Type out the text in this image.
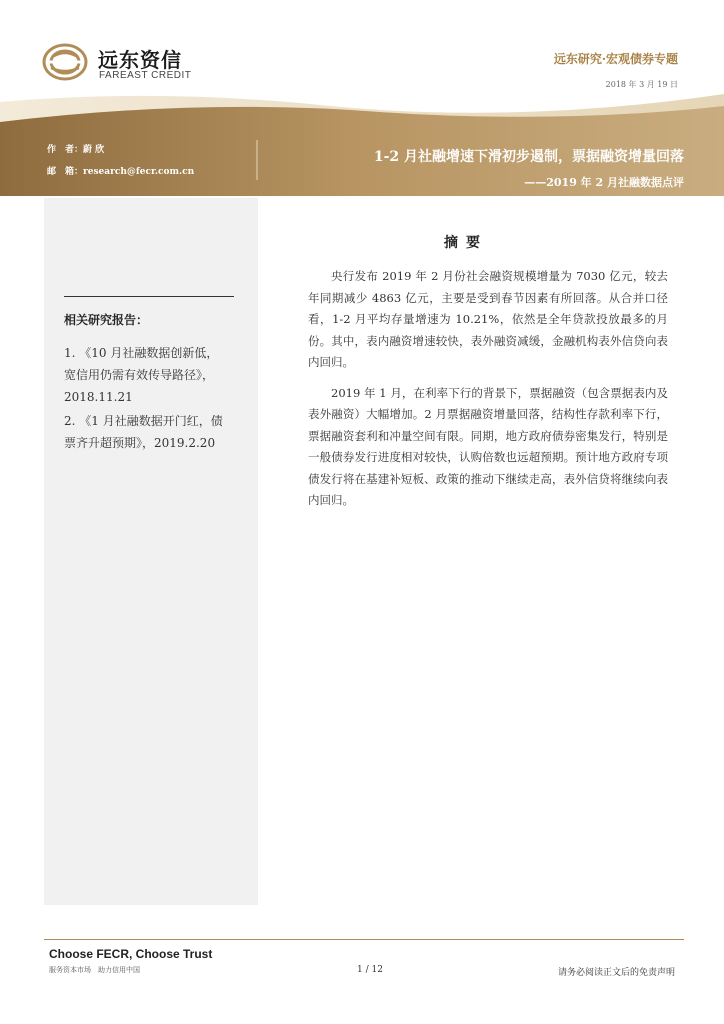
远东资信
FAREAST CREDIT
远东研究·宏观债券专题
2018 年 3 月 19 日
作　者：蔚 欣
邮　箱：research@fecr.com.cn
1-2 月社融增速下滑初步遏制，票据融资增量回落
——2019 年 2 月社融数据点评
相关研究报告：

1. 《10 月社融数据创新低，
宽信用仍需有效传导路径》，
2018.11.21

2. 《1 月社融数据开门红，债
票齐升超预期》，2019.2.20

摘要

央行发布 2019 年 2 月份社会融资规模增量为 7030 亿元，较去年同期减少 4863 亿元，主要是受到春节因素有所回落。从合并口径看，1-2 月平均存量增速为 10.21%，依然是全年贷款投放最多的月份。其中，表内融资增速较快，表外融资减缓，金融机构表外信贷向表内回归。

2019 年 1 月，在利率下行的背景下，票据融资（包含票据表内及表外融资）大幅增加。2 月票据融资增量回落，结构性存款利率下行，票据融资套利和冲量空间有限。同期，地方政府债券密集发行，特别是一般债券发行进度相对较快，认购倍数也远超预期。预计地方政府专项债发行将在基建补短板、政策的推动下继续走高，表外信贷将继续向表内回归。

Choose FECR, Choose Trust
服务资本市场　助力信用中国	1 / 12	请务必阅读正文后的免责声明
